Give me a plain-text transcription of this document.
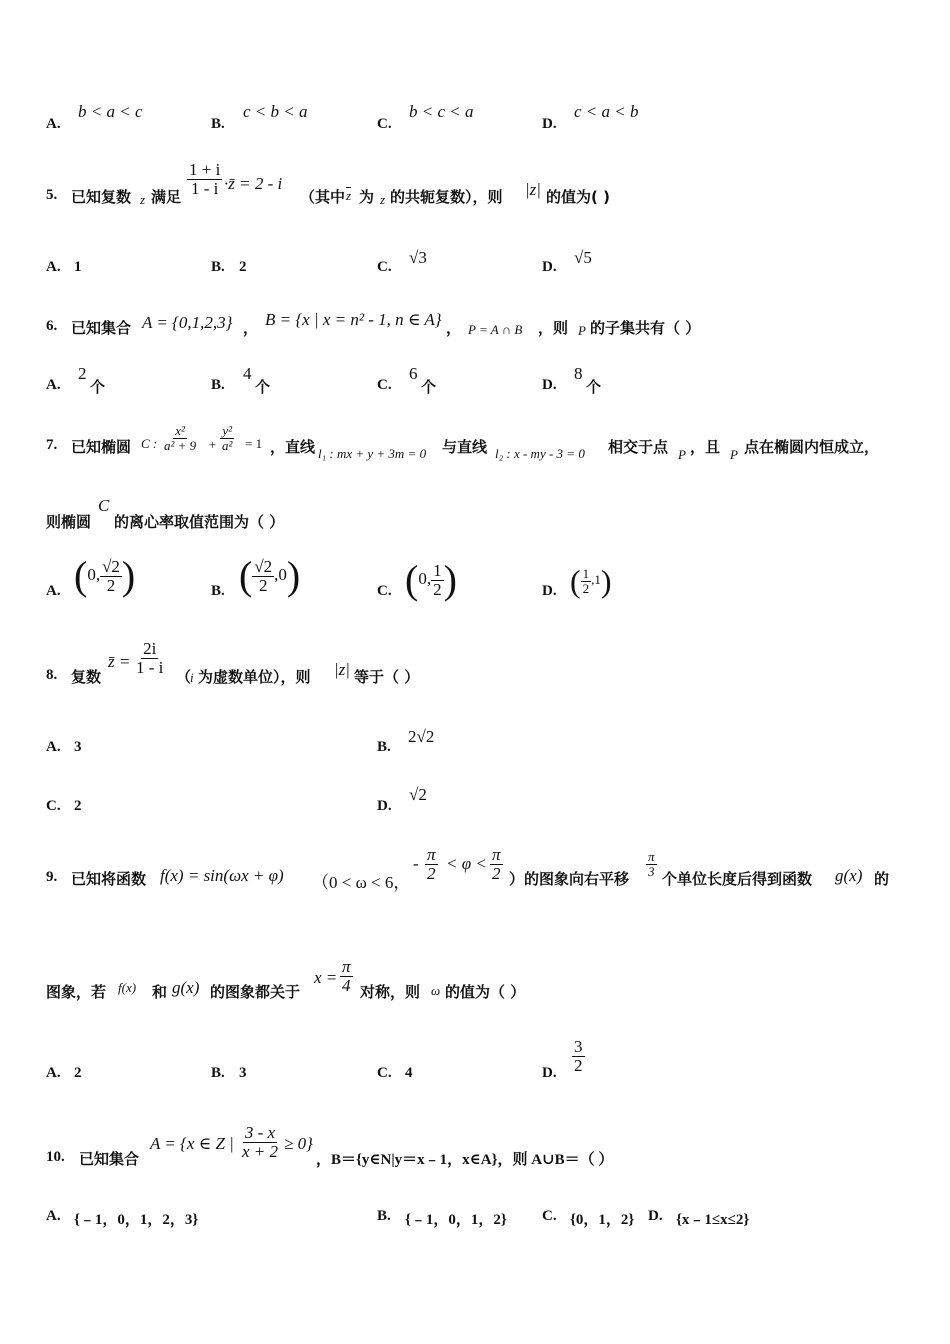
A.
b < a < c
B.
c < b < a
C.
b < c < a
D.
c < a < b
5. 已知复数 z 满足 $\frac{1 + i}{1 - i}$ ·z̄ = 2 - i
（其中 $\overline{z}$ 为 z 的共轭复数），则 |z| 的值为( )
A. 1	B. 2	C. √3	D. √5
6. 已知集合 A = {0,1,2,3} ， B = {x | x = n² - 1, n ∈ A} ， P = A ∩ B ，则 P 的子集共有（ ）
A.
2
个	B.
4
个	C.
6
个	D.
8
个
7. 已知椭圆 C : $\frac{\text{x²}}{\text{a² + 9}} + \frac{\text{y²}}{\text{a²}} = 1$ ，直线 l₁ : mx + y + 3m = 0 与直线 l₂ : x - my - 3 = 0 相交于点 P ，且 P 点在椭圆内恒成立，
则椭圆
C
的离心率取值范围为（ ）
A. (0, $\frac{√2}{2}$ )	B. ( $\frac{√2}{2} ,0$)	C. (0, $\frac{1}{2}$ )	D. ( $\frac{1}{2} ,1$)
8. 复数
z̄ = $\frac{2i}{1 - i}$
（
i 为虚数单位），则 |z| 等于（ ）
A. 3	B.
2√2
C. 2	D.
√2
9. 已知将函数 f(x) = sin(ωx + φ) （0 < ω < 6，
- $\frac{\pi}{2} < \varphi < \frac{\pi}{2}$ ）的图象向右平移
$\frac{\pi}{3}$
个单位长度后得到函数 g(x) 的
图象，若 f(x) 和 g(x) 的图象都关于
$x = \frac{\pi}{4}$ 对称，则 ω 的值为（ ）
A. 2	B. 3	C. 4	D. $\frac{3}{2}$
10. 已知集合
A = {x ∈ Z | $\frac{3 - x}{x + 2} \ge 0$}
，B＝{y∈N|y＝x﹣1，x∈A}，则 A∪B＝（ ）
A. {﹣1，0，1，2，3}	B. {﹣1，0，1，2} C. {0，1，2} D. {x﹣1≤x≤2}
